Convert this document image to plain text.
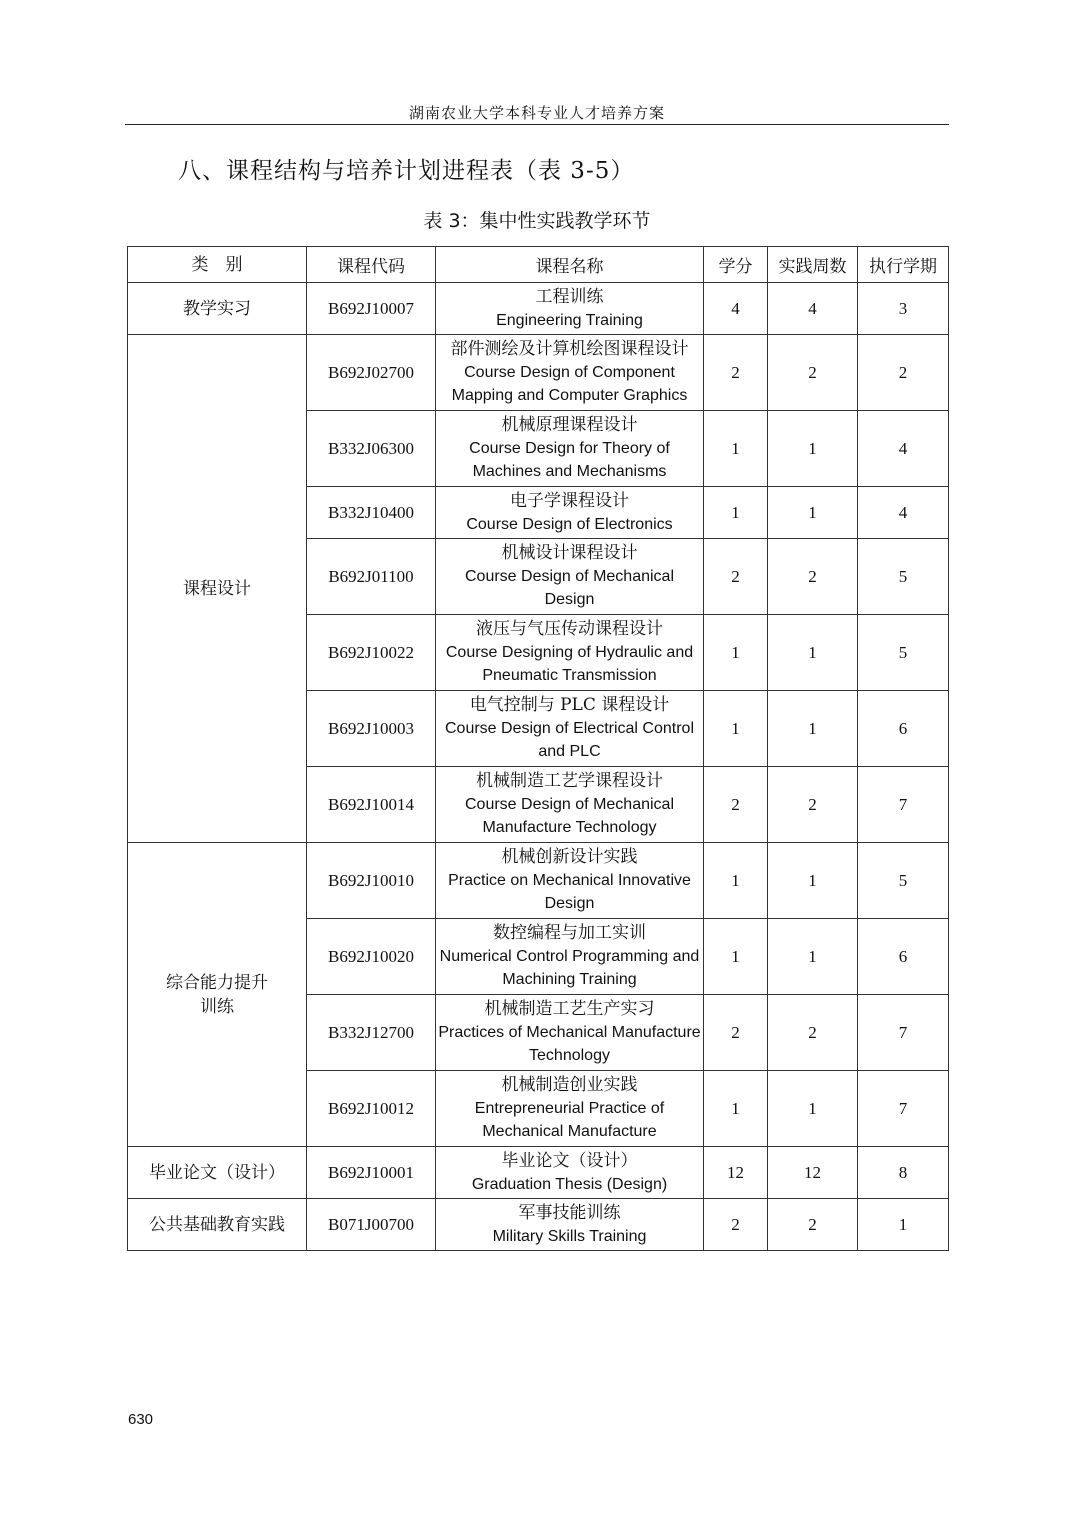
湖南农业大学本科专业人才培养方案
八、课程结构与培养计划进程表（表 3-5）
表 3：集中性实践教学环节
类　别	课程代码	课程名称	学分	实践周数	执行学期
教学实习	B692J10007	工程训练
Engineering Training	4	4	3
课程设计	B692J02700	部件测绘及计算机绘图课程设计
Course Design of Component Mapping and Computer Graphics	2	2	2
	B332J06300	机械原理课程设计
Course Design for Theory of Machines and Mechanisms	1	1	4
	B332J10400	电子学课程设计
Course Design of Electronics	1	1	4
	B692J01100	机械设计课程设计
Course Design of Mechanical Design	2	2	5
	B692J10022	液压与气压传动课程设计
Course Designing of Hydraulic and Pneumatic Transmission	1	1	5
	B692J10003	电气控制与 PLC 课程设计
Course Design of Electrical Control and PLC	1	1	6
	B692J10014	机械制造工艺学课程设计
Course Design of Mechanical Manufacture Technology	2	2	7
综合能力提升训练	B692J10010	机械创新设计实践
Practice on Mechanical Innovative Design	1	1	5
	B692J10020	数控编程与加工实训
Numerical Control Programming and Machining Training	1	1	6
	B332J12700	机械制造工艺生产实习
Practices of Mechanical Manufacture Technology	2	2	7
	B692J10012	机械制造创业实践
Entrepreneurial Practice of Mechanical Manufacture	1	1	7
毕业论文（设计）	B692J10001	毕业论文（设计）
Graduation Thesis (Design)	12	12	8
公共基础教育实践	B071J00700	军事技能训练
Military Skills Training	2	2	1
630
